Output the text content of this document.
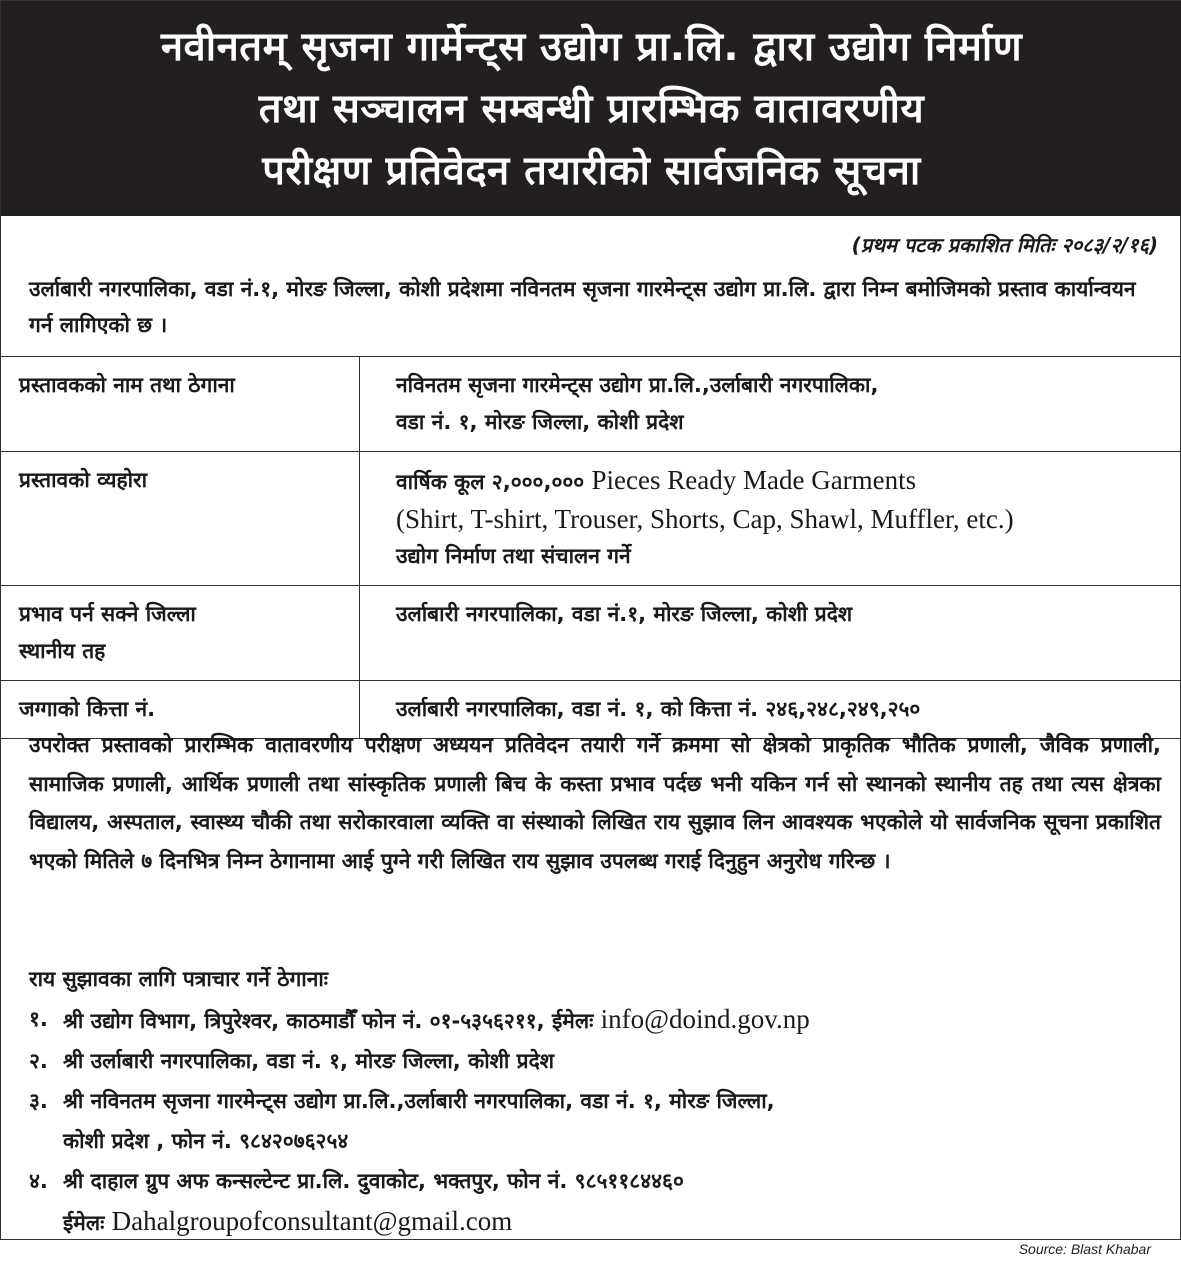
नवीनतम् सृजना गार्मेन्ट्स उद्योग प्रा.लि. द्वारा उद्योग निर्माण
तथा सञ्चालन सम्बन्धी प्रारम्भिक वातावरणीय
परीक्षण प्रतिवेदन तयारीको सार्वजनिक सूचना
(प्रथम पटक प्रकाशित मितिः २०८३/२/१६)
उर्लाबारी नगरपालिका, वडा नं.१, मोरङ जिल्ला, कोशी प्रदेशमा नविनतम सृजना गारमेन्ट्स उद्योग प्रा.लि. द्वारा निम्न बमोजिमको प्रस्ताव कार्यान्वयन गर्न लागिएको छ ।
प्रस्तावकको नाम तथा ठेगाना	नविनतम सृजना गारमेन्ट्स उद्योग प्रा.लि.,उर्लाबारी नगरपालिका,
वडा नं. १, मोरङ जिल्ला, कोशी प्रदेश

प्रस्तावको व्यहोरा	वार्षिक कूल २,०००,००० Pieces Ready Made Garments
(Shirt, T-shirt, Trouser, Shorts, Cap, Shawl, Muffler, etc.)
उद्योग निर्माण तथा संचालन गर्ने

प्रभाव पर्न सक्ने जिल्ला
स्थानीय तह	उर्लाबारी नगरपालिका, वडा नं.१, मोरङ जिल्ला, कोशी प्रदेश
जग्गाको कित्ता नं.	उर्लाबारी नगरपालिका, वडा नं. १, को कित्ता नं. २४६,२४८,२४९,२५०
उपरोक्त प्रस्तावको प्रारम्भिक वातावरणीय परीक्षण अध्ययन प्रतिवेदन तयारी गर्ने क्रममा सो क्षेत्रको प्राकृतिक भौतिक प्रणाली, जैविक प्रणाली, सामाजिक प्रणाली, आर्थिक प्रणाली तथा सांस्कृतिक प्रणाली बिच के कस्ता प्रभाव पर्दछ भनी यकिन गर्न सो स्थानको स्थानीय तह तथा त्यस क्षेत्रका विद्यालय, अस्पताल, स्वास्थ्य चौकी तथा सरोकारवाला व्यक्ति वा संस्थाको लिखित राय सुझाव लिन आवश्यक भएकोले यो सार्वजनिक सूचना प्रकाशित भएको मितिले ७ दिनभित्र निम्न ठेगानामा आई पुग्ने गरी लिखित राय सुझाव उपलब्ध गराई दिनुहुन अनुरोध गरिन्छ ।
राय सुझावका लागि पत्राचार गर्ने ठेगानाः
१. श्री उद्योग विभाग, त्रिपुरेश्वर, काठमाडौँ फोन नं. ०१-५३५६२११, ईमेलः info@doind.gov.np
२. श्री उर्लाबारी नगरपालिका, वडा नं. १, मोरङ जिल्ला, कोशी प्रदेश
३. श्री नविनतम सृजना गारमेन्ट्स उद्योग प्रा.लि.,उर्लाबारी नगरपालिका, वडा नं. १, मोरङ जिल्ला,
कोशी प्रदेश , फोन नं. ९८४२०७६२५४
४. श्री दाहाल ग्रुप अफ कन्सल्टेन्ट प्रा.लि. दुवाकोट, भक्तपुर, फोन नं. ९८५११८४४६०
ईमेलः Dahalgroupofconsultant@gmail.com
Source: Blast Khabar
